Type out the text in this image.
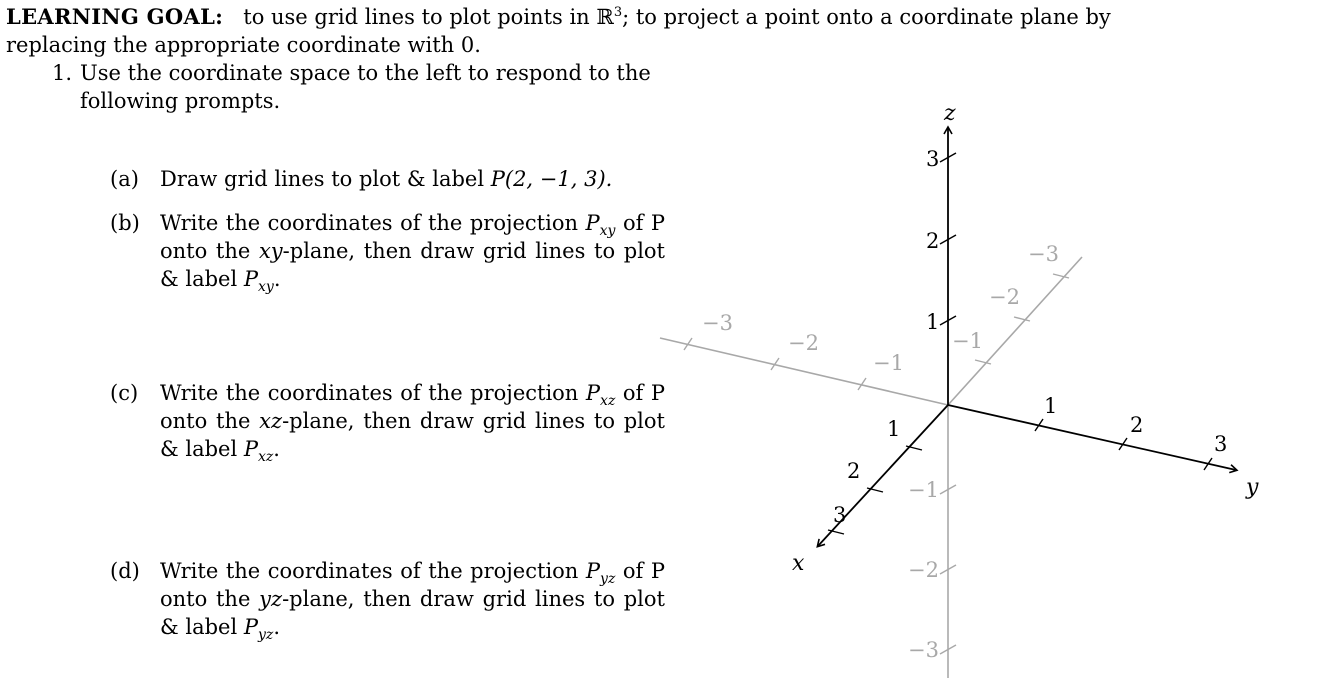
LEARNING GOAL: to use grid lines to plot points in ℝ$^3$; to project a point onto a coordinate plane by
replacing the appropriate coordinate with 0.
1. Use the coordinate space to the left to respond to the following prompts.
(a) Draw grid lines to plot & label P(2, −1, 3).
(b) Write the coordinates of the projection $P_{xy}$ of P onto the xy-plane, then draw grid lines to plot & label $P_{xy}$.
(c) Write the coordinates of the projection $P_{xz}$ of P onto the xz-plane, then draw grid lines to plot & label $P_{xz}$.
(d) Write the coordinates of the projection $P_{yz}$ of P onto the yz-plane, then draw grid lines to plot & label $P_{yz}$.
z
x
y
1
2
3
−1
−2
−3
1
2
3
−1
−2
−3
1
2
3
−1
−2
−3
